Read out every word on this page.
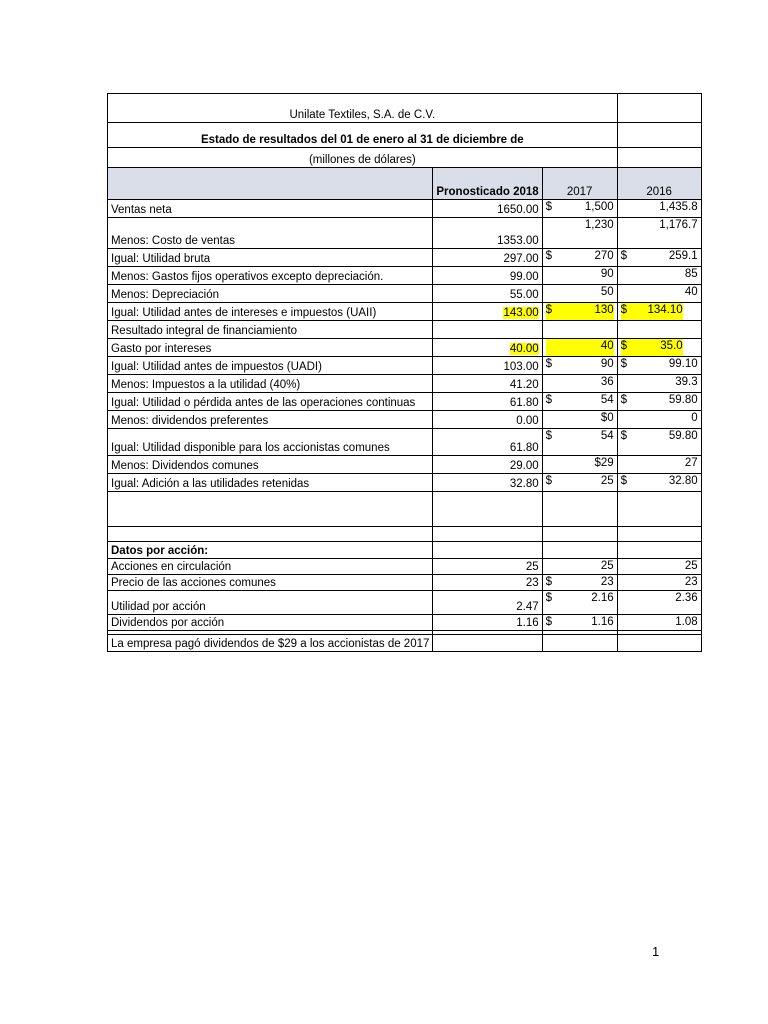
Unilate Textiles, S.A. de C.V.			
Estado de resultados del 01 de enero al 31 de diciembre de			
(millones de dólares)			
	Pronosticado 2018	2017	2016
Ventas neta	1650.00	$ 1,500	1,435.8

Menos: Costo de ventas	1353.00	1,230	1,176.7

Igual: Utilidad bruta	297.00	$ 270	$ 259.1

Menos: Gastos fijos operativos excepto depreciación.	99.00	90	85

Menos: Depreciación	55.00	50	40

Igual: Utilidad antes de intereses e impuestos (UAII)	143.00	$ 130	$ 134.10

Resultado integral de financiamiento		

Gasto por intereses	40.00	40	$ 35.0

Igual: Utilidad antes de impuestos (UADI)	103.00	$ 90	$ 99.10

Menos: Impuestos a la utilidad (40%)	41.20	36	39.3

Igual: Utilidad o pérdida antes de las operaciones continuas	61.80	$ 54	$ 59.80

Menos: dividendos preferentes	0.00	$0	0

Igual: Utilidad disponible para los accionistas comunes	61.80	$ 54	$ 59.80

Menos: Dividendos comunes	29.00	$29	27

Igual: Adición a las utilidades retenidas	32.80	$ 25	$ 32.80

Datos por acción:			
Acciones en circulación	25	25	25

Precio de las acciones comunes	23	$ 23	23

Utilidad por acción	2.47	$ 2.16	2.36

Dividendos por acción	1.16	$ 1.16	1.08

La empresa pagó dividendos de $29 a los accionistas de 2017			
1
